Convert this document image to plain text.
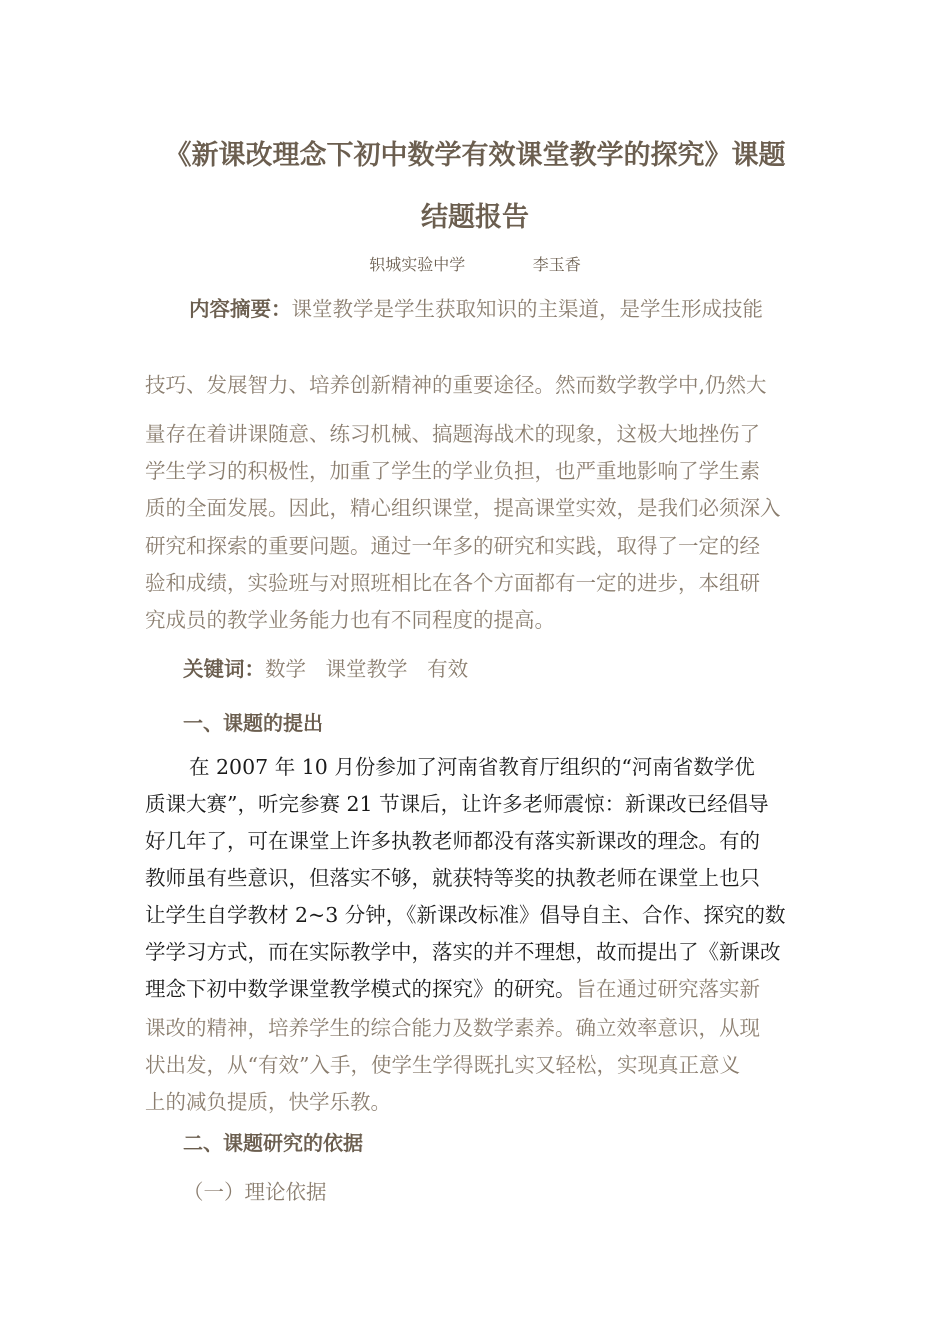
《新课改理念下初中数学有效课堂教学的探究》课题
结题报告
轵城实验中学	李玉香
内容摘要：课堂教学是学生获取知识的主渠道，是学生形成技能
技巧、发展智力、培养创新精神的重要途径。然而数学教学中,仍然大
量存在着讲课随意、练习机械、搞题海战术的现象，这极大地挫伤了
学生学习的积极性，加重了学生的学业负担，也严重地影响了学生素
质的全面发展。因此，精心组织课堂，提高课堂实效，是我们必须深入
研究和探索的重要问题。通过一年多的研究和实践，取得了一定的经
验和成绩，实验班与对照班相比在各个方面都有一定的进步，本组研
究成员的教学业务能力也有不同程度的提高。
关键词：数学   课堂教学   有效
一、课题的提出
在 2007 年 10 月份参加了河南省教育厅组织的“河南省数学优
质课大赛”，听完参赛 21 节课后，让许多老师震惊：新课改已经倡导
好几年了，可在课堂上许多执教老师都没有落实新课改的理念。有的
教师虽有些意识，但落实不够，就获特等奖的执教老师在课堂上也只
让学生自学教材 2~3 分钟，《新课改标准》倡导自主、合作、探究的数
学学习方式，而在实际教学中，落实的并不理想，故而提出了《新课改
理念下初中数学课堂教学模式的探究》的研究。旨在通过研究落实新
课改的精神，培养学生的综合能力及数学素养。确立效率意识，从现
状出发，从“有效”入手，使学生学得既扎实又轻松，实现真正意义
上的减负提质，快学乐教。
二、课题研究的依据
（一）理论依据
